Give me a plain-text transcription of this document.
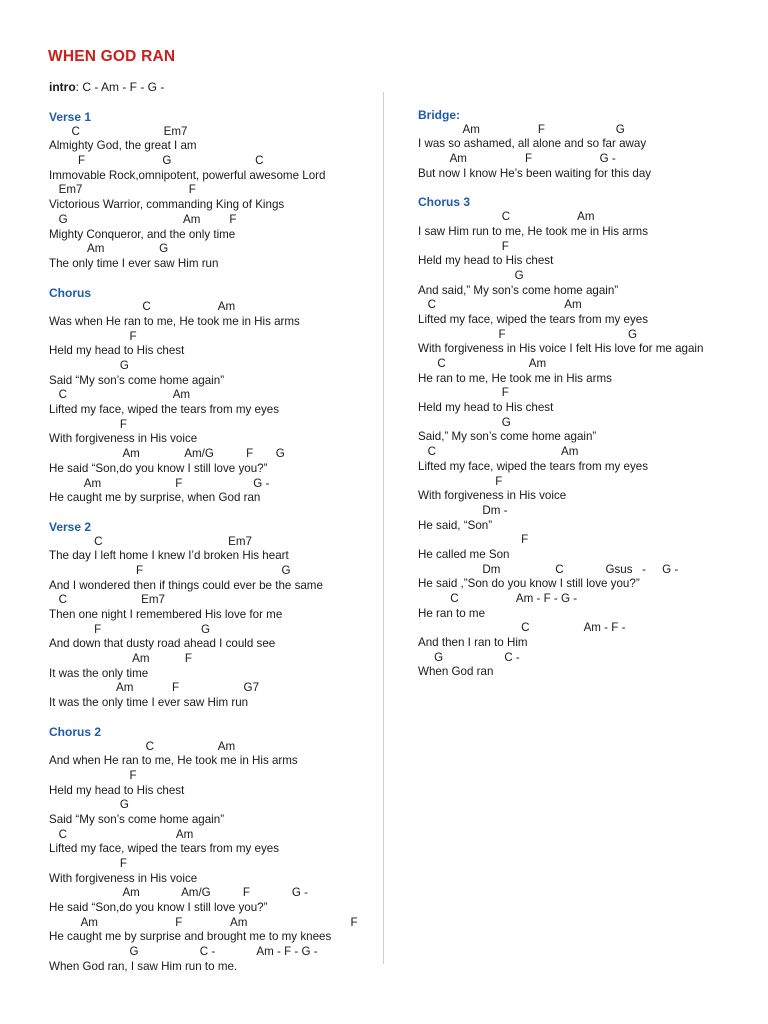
WHEN GOD RAN
intro: C - Am - F - G -
Verse 1
C                          Em7
Almighty God, the great I am
F                        G                          C
Immovable Rock,omnipotent, powerful awesome Lord
Em7                                 F
Victorious Warrior, commanding King of Kings
G                                    Am         F
Mighty Conqueror, and the only time
Am                 G
The only time I ever saw Him run
Chorus
C                     Am
Was when He ran to me, He took me in His arms
F
Held my head to His chest
G
Said “My son’s come home again”
C                                 Am
Lifted my face, wiped the tears from my eyes
F
With forgiveness in His voice
Am              Am/G          F       G
He said “Son,do you know I still love you?”
Am                       F                      G -
He caught me by surprise, when God ran
Verse 2
C                                       Em7
The day I left home I knew I’d broken His heart
F                                           G
And I wondered then if things could ever be the same
C                       Em7
Then one night I remembered His love for me
F                               G
And down that dusty road ahead I could see
Am           F
It was the only time
Am            F                    G7
It was the only time I ever saw Him run
Chorus 2
C                    Am
And when He ran to me, He took me in His arms
F
Held my head to His chest
G
Said “My son’s come home again”
C                                  Am
Lifted my face, wiped the tears from my eyes
F
With forgiveness in His voice
Am             Am/G          F             G -
He said “Son,do you know I still love you?”
Am                        F               Am                                F
He caught me by surprise and brought me to my knees
G                   C -             Am - F - G -
When God ran, I saw Him run to me.
Bridge:
Am                  F                      G
I was so ashamed, all alone and so far away
Am                  F                     G -
But now I know He’s been waiting for this day
Chorus 3
C                     Am
I saw Him run to me, He took me in His arms
F
Held my head to His chest
G
And said,” My son’s come home again”
C                                        Am
Lifted my face, wiped the tears from my eyes
F                                      G
With forgiveness in His voice I felt His love for me again
C                          Am
He ran to me, He took me in His arms
F
Held my head to His chest
G
Said,” My son’s come home again”
C                                       Am
Lifted my face, wiped the tears from my eyes
F
With forgiveness in His voice
Dm -
He said, “Son”
F
He called me Son
Dm                 C             Gsus   -     G -
He said ,”Son do you know I still love you?”
C                  Am - F - G -
He ran to me
C                 Am - F -
And then I ran to Him
G                   C -
When God ran
